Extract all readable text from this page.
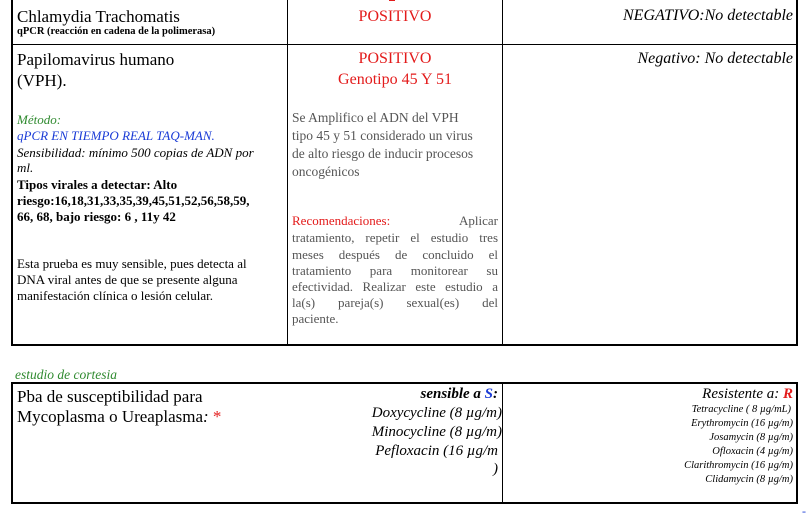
Chlamydia Trachomatis
qPCR (reacción en cadena de la polimerasa)
POSITIVO	NEGATIVO:No detectable
Papilomavirus humano
(VPH).
Método:
qPCR EN TIEMPO REAL TAQ-MAN.
Sensibilidad: mínimo 500 copias de ADN por
ml.
Tipos virales a detectar: Alto
riesgo:16,18,31,33,35,39,45,51,52,56,58,59,
66, 68, bajo riesgo: 6 , 11y 42
Esta prueba es muy sensible, pues detecta al
DNA viral antes de que se presente alguna
manifestación clínica o lesión celular.
POSITIVO
Genotipo 45 Y 51
Se Amplifico el ADN del VPH
tipo 45 y 51 considerado un virus
de alto riesgo de inducir procesos
oncogénicos
Recomendaciones:	Aplicar
tratamiento, repetir el estudio tres
meses después de concluido el
tratamiento para monitorear su
efectividad. Realizar este estudio a
la(s) pareja(s) sexual(es) del
paciente.
Negativo: No detectable
estudio de cortesia
Pba de susceptibilidad para
Mycoplasma o Ureaplasma: *
sensible a S:
Doxycycline (8 µg/m)
Minocycline (8 µg/m)
Pefloxacin (16 µg/m
)
Resistente a: R
Tetracycline ( 8 µg/mL)
Erythromycin (16 µg/m)
Josamycin (8 µg/m)
Ofloxacin (4 µg/m)
Clarithromycin (16 µg/m)
Clidamycin (8 µg/m)
-
